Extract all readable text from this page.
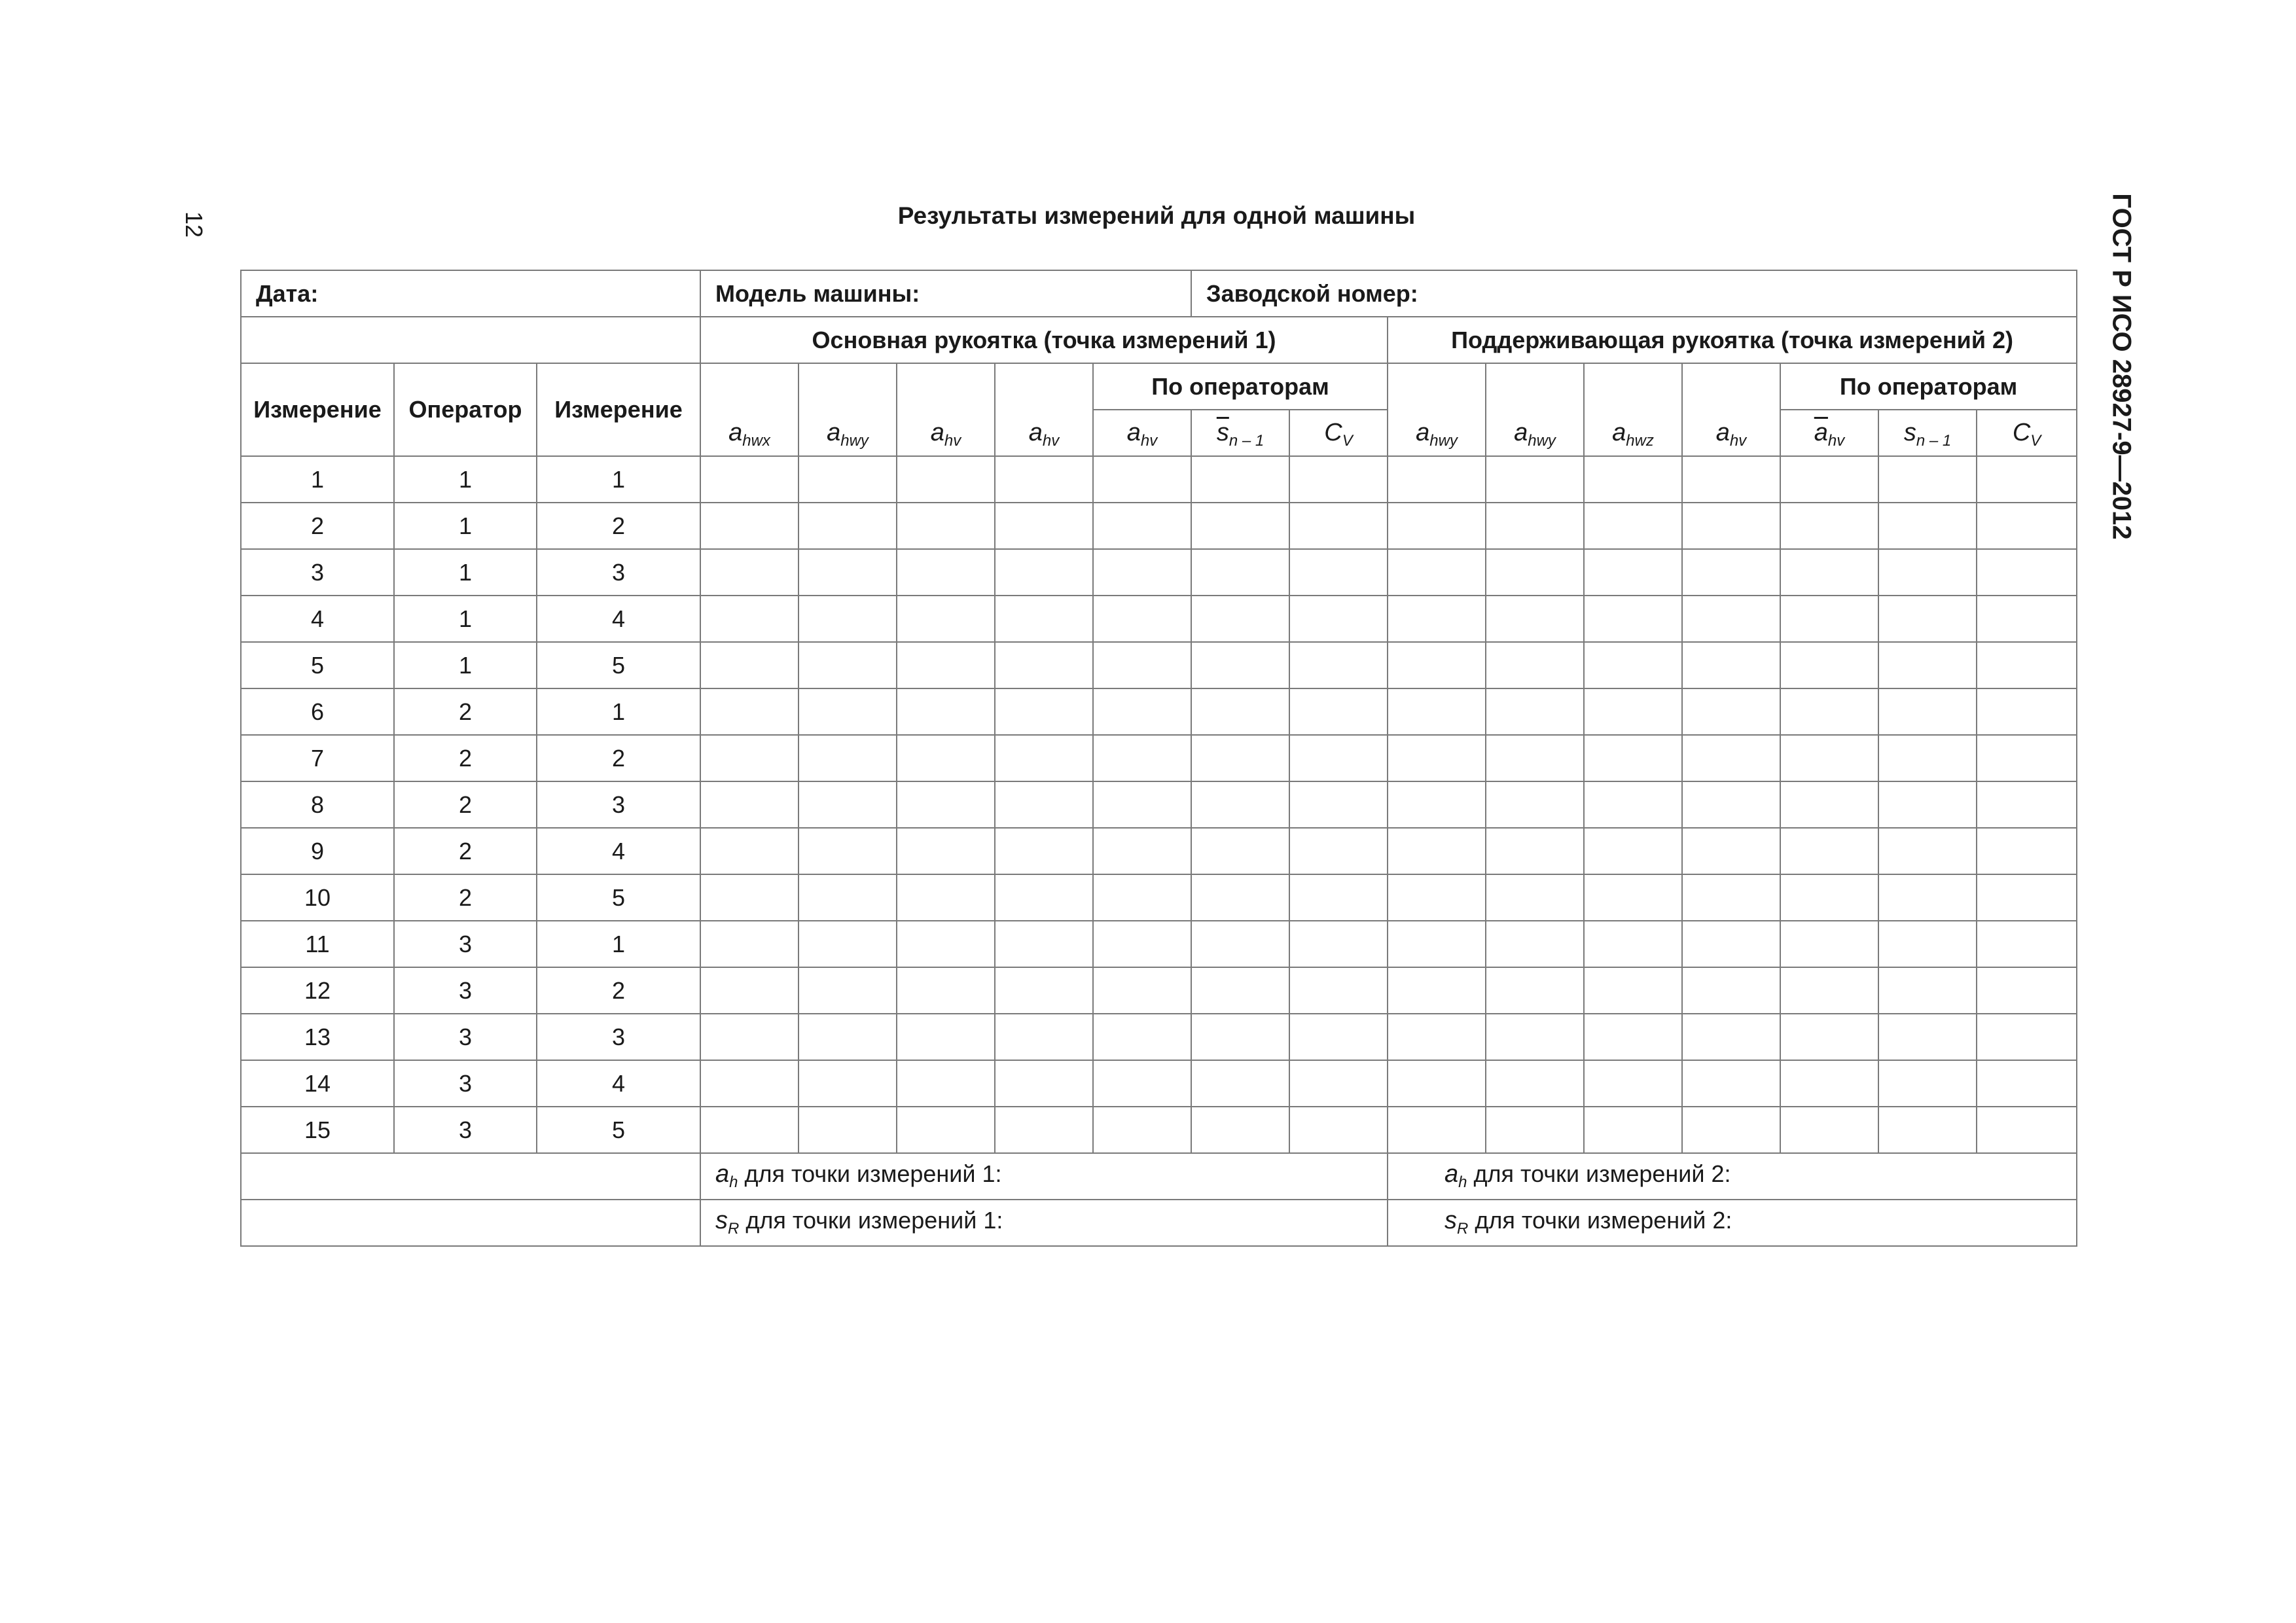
12	ГОСТ Р ИСО 28927-9—2012
Результаты измерений для одной машины
Дата:			Модель машины:					Заводской номер:								
			Основная рукоятка (точка измерений 1)							Поддерживающая рукоятка (точка измерений 2)						
Измерение	Оператор	Измерение	$a_{hwx}$	$a_{hwy}$	$a_{hv}$	$a_{hv}$	По операторам			$a_{hwy}$	$a_{hwy}$	$a_{hwz}$	$a_{hv}$	По операторам		
							$a_{hv}$	$\overline{s}_{n - 1}$	$C_V$					$\overline{a}_{hv}$	$s_{n - 1}$	$C_V$
1	1	1														
2	1	2														
3	1	3														
4	1	4														
5	1	5														
6	2	1														
7	2	2														
8	2	3														
9	2	4														
10	2	5														
11	3	1														
12	3	2														
13	3	3														
14	3	4														
15	3	5														
			$a_h$ для точки измерений 1:							$a_h$ для точки измерений 2:						
			$s_R$ для точки измерений 1:							$s_R$ для точки измерений 2:						
